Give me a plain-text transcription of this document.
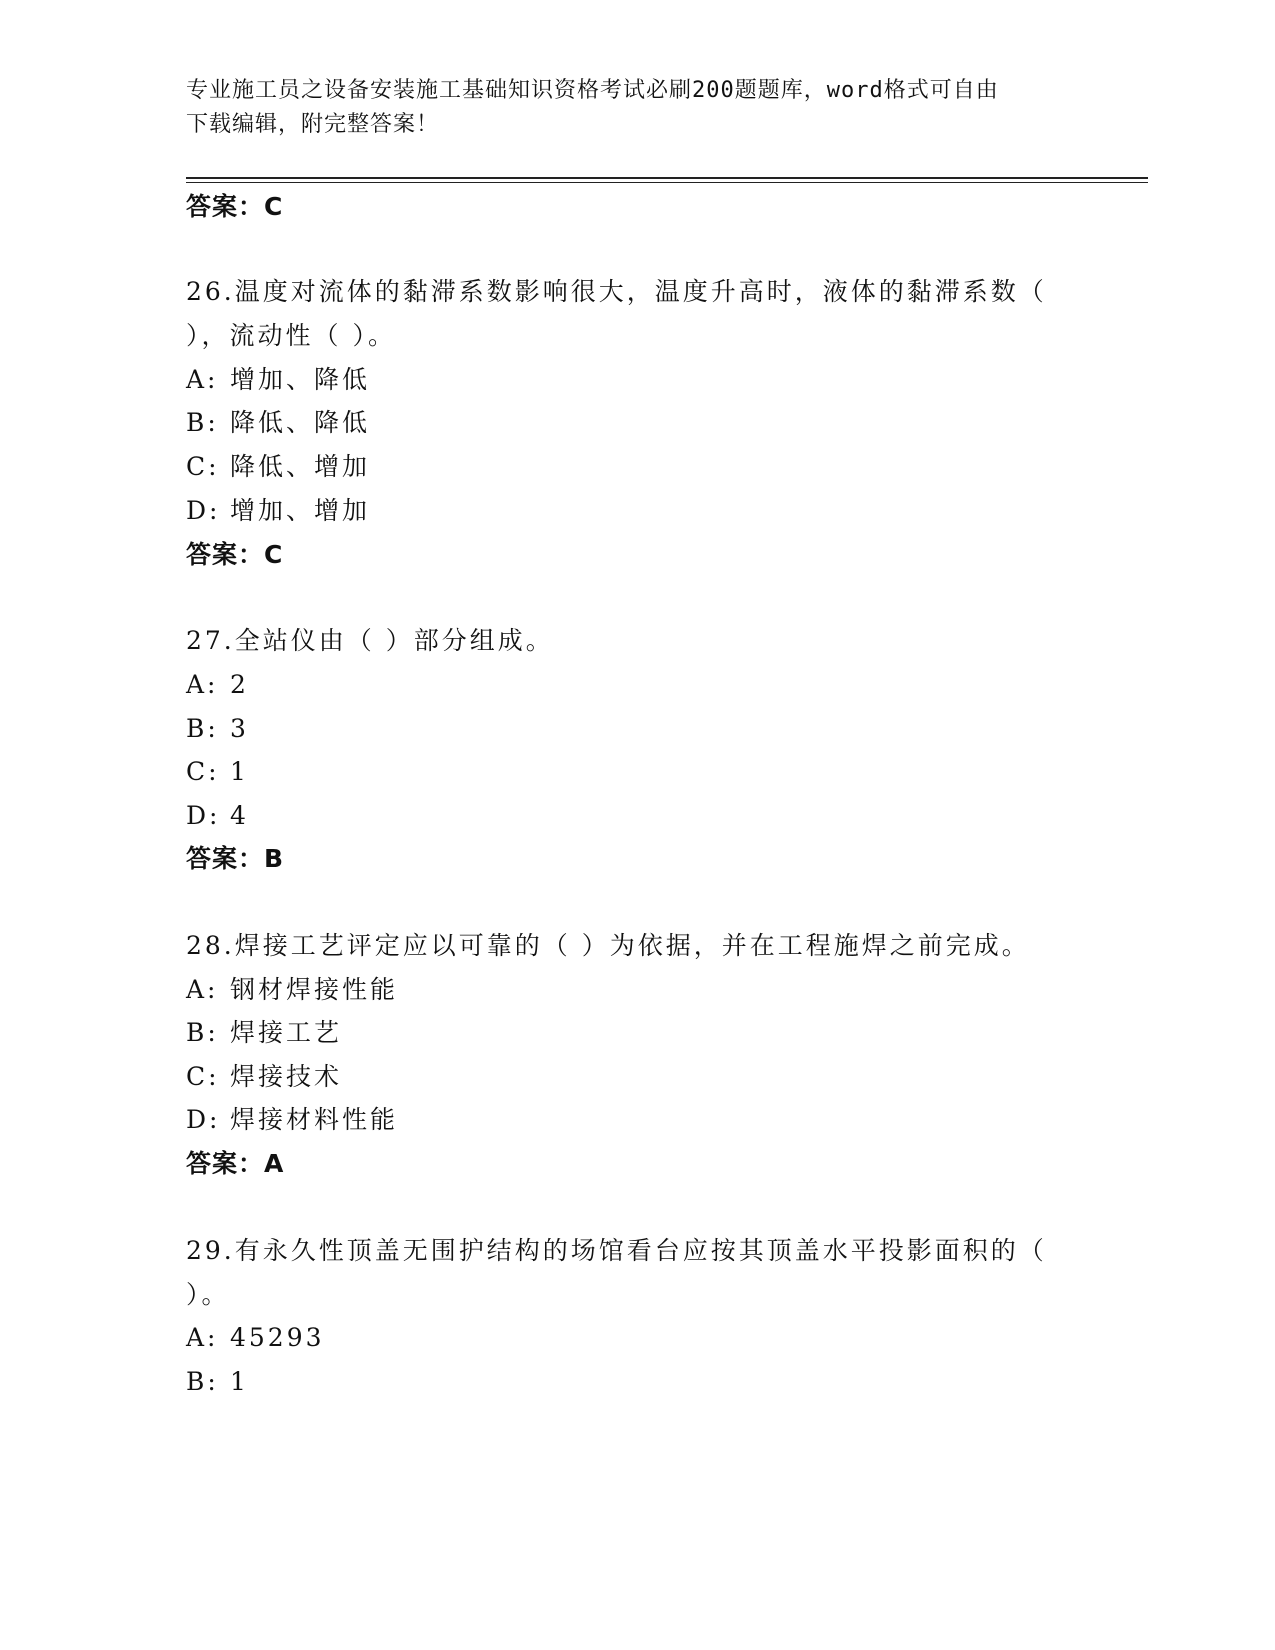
专业施工员之设备安装施工基础知识资格考试必刷200题题库，word格式可自由
下载编辑，附完整答案！
答案：C
26.温度对流体的黏滞系数影响很大，温度升高时，液体的黏滞系数（
），流动性（ ）。
A: 增加、降低
B: 降低、降低
C: 降低、增加
D: 增加、增加
答案：C
27.全站仪由（ ）部分组成。
A: 2
B: 3
C: 1
D: 4
答案：B
28.焊接工艺评定应以可靠的（ ）为依据，并在工程施焊之前完成。
A: 钢材焊接性能
B: 焊接工艺
C: 焊接技术
D: 焊接材料性能
答案：A
29.有永久性顶盖无围护结构的场馆看台应按其顶盖水平投影面积的（
）。
A: 45293
B: 1
